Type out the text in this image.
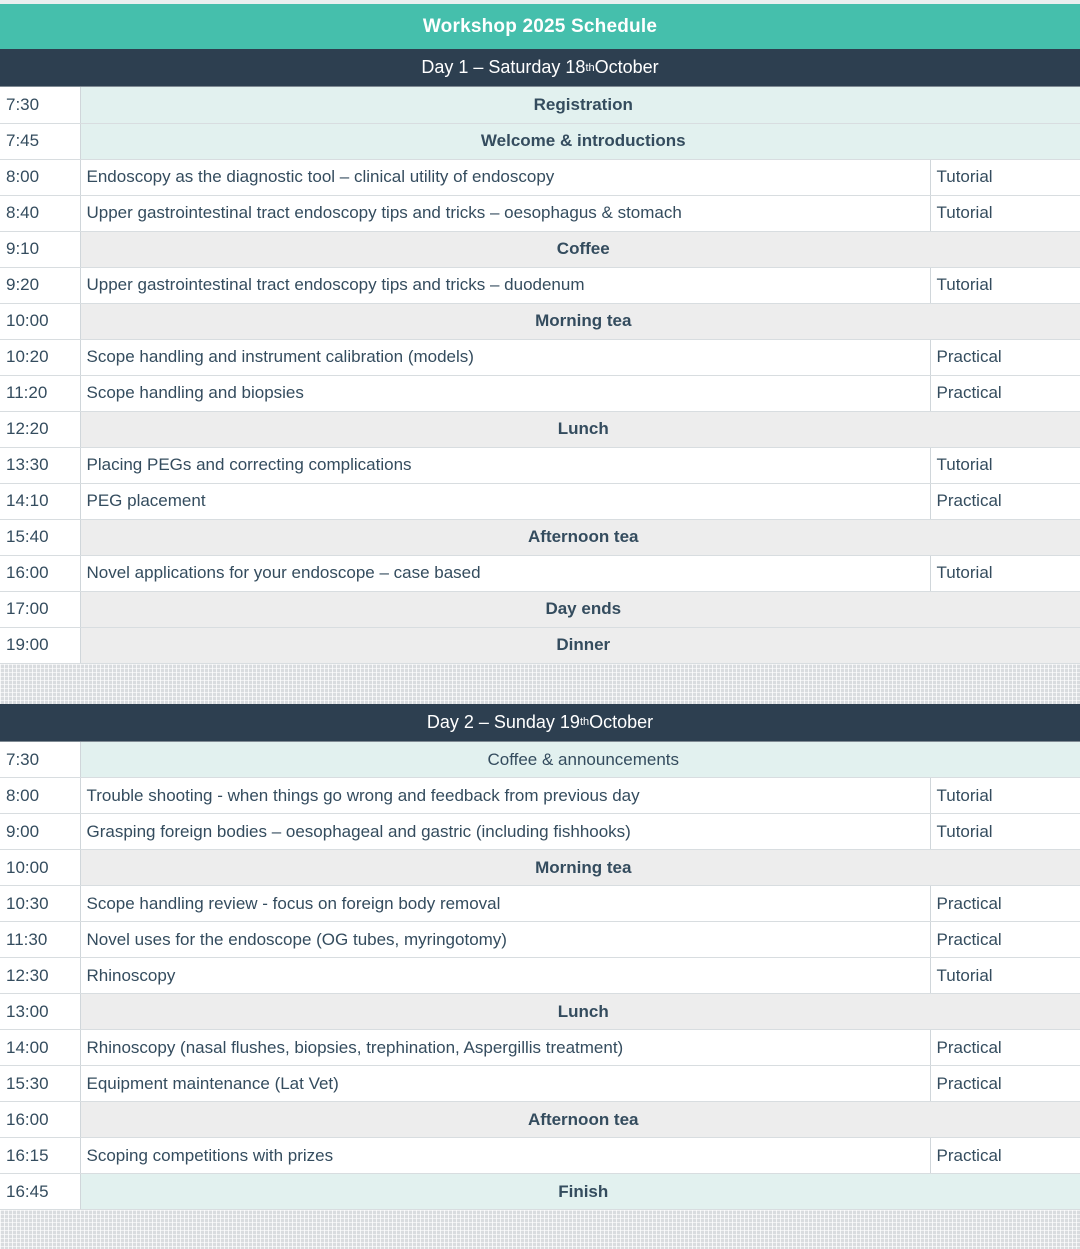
Workshop 2025 Schedule
Day 1 – Saturday 18 th October
7:30	Registration	
7:45	Welcome & introductions	
8:00	Endoscopy as the diagnostic tool – clinical utility of endoscopy	Tutorial
8:40	Upper gastrointestinal tract endoscopy tips and tricks – oesophagus & stomach	Tutorial
9:10	Coffee	
9:20	Upper gastrointestinal tract endoscopy tips and tricks – duodenum	Tutorial
10:00	Morning tea	
10:20	Scope handling and instrument calibration (models)	Practical
11:20	Scope handling and biopsies	Practical
12:20	Lunch	
13:30	Placing PEGs and correcting complications	Tutorial
14:10	PEG placement	Practical
15:40	Afternoon tea	
16:00	Novel applications for your endoscope – case based	Tutorial
17:00	Day ends	
19:00	Dinner	
Day 2 – Sunday 19 th October
7:30	Coffee & announcements	
8:00	Trouble shooting - when things go wrong and feedback from previous day	Tutorial
9:00	Grasping foreign bodies – oesophageal and gastric (including fishhooks)	Tutorial
10:00	Morning tea	
10:30	Scope handling review - focus on foreign body removal	Practical
11:30	Novel uses for the endoscope (OG tubes, myringotomy)	Practical
12:30	Rhinoscopy	Tutorial
13:00	Lunch	
14:00	Rhinoscopy (nasal flushes, biopsies, trephination, Aspergillis treatment)	Practical
15:30	Equipment maintenance (Lat Vet)	Practical
16:00	Afternoon tea	
16:15	Scoping competitions with prizes	Practical
16:45	Finish	
